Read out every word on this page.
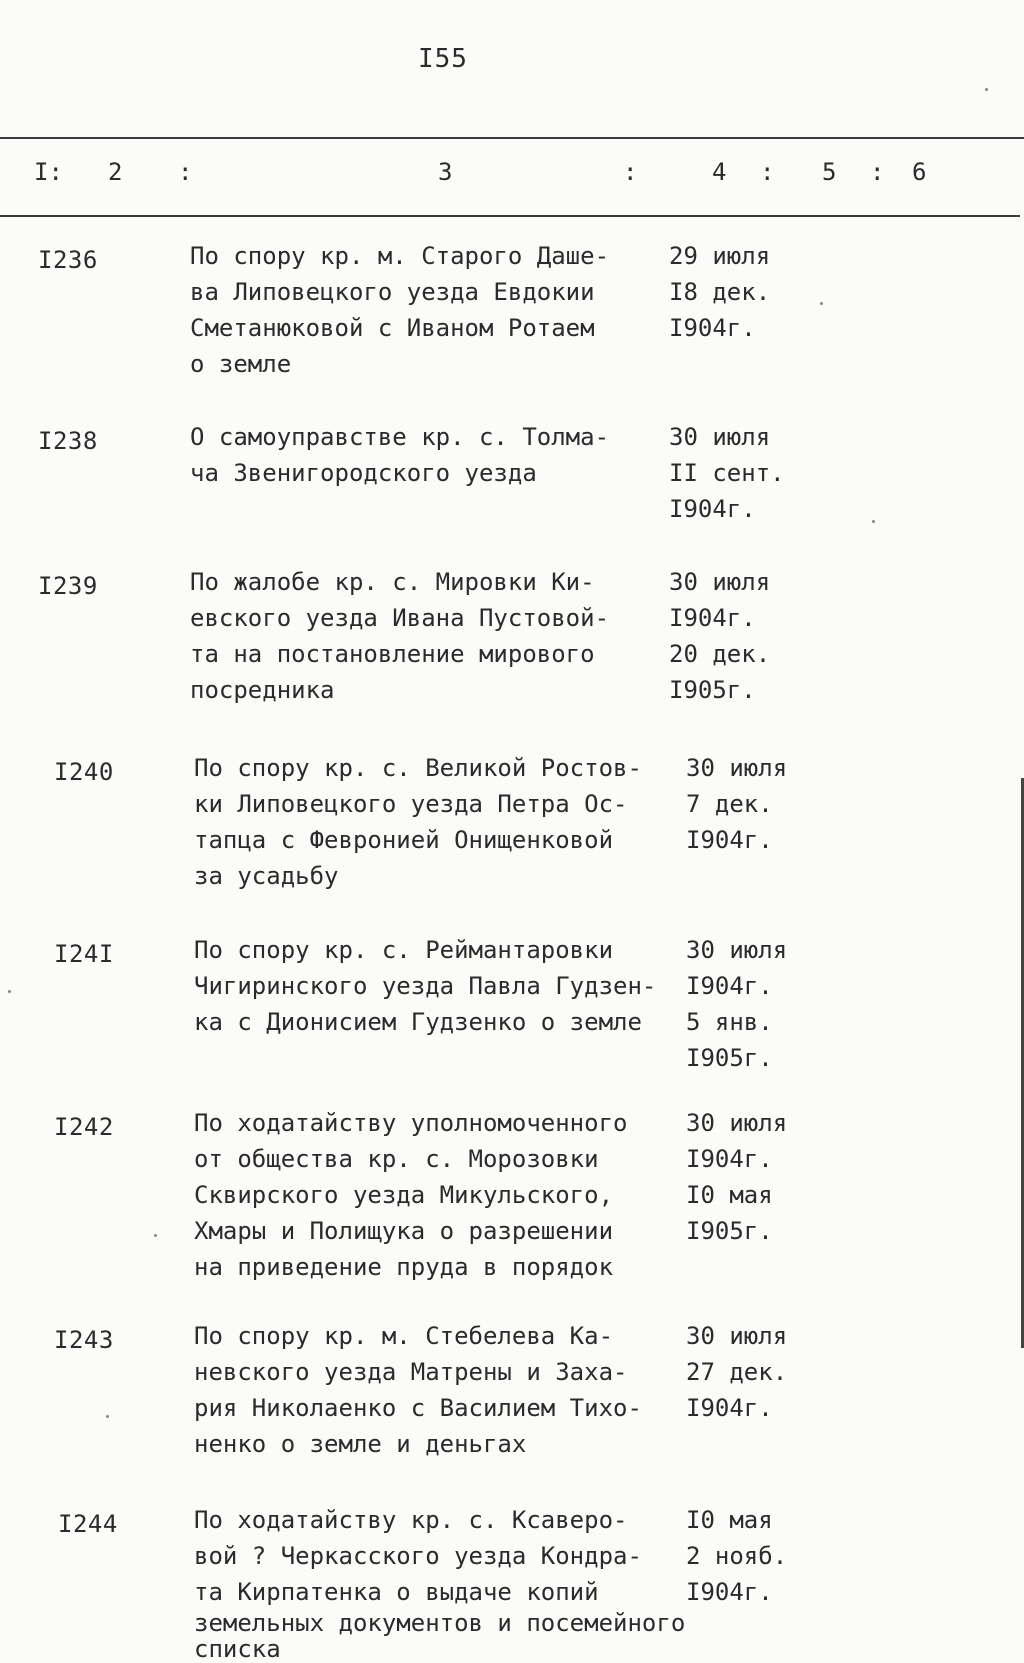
I55
I: 2 :	3	:	4 : 5 : 6
I236	По спору кр. м. Старого Даше-
ва Липовецкого уезда Евдокии
Сметанюковой с Иваном Ротаем
о земле
29 июля
I8 дек.
I904г.
I238	О самоуправстве кр. с. Толма-
ча Звенигородского уезда
30 июля
II сент.
I904г.
I239	По жалобе кр. с. Мировки Ки-
евского уезда Ивана Пустовой-
та на постановление мирового
посредника
30 июля
I904г.
20 дек.
I905г.
I240	По спору кр. с. Великой Ростов-
ки Липовецкого уезда Петра Ос-
тапца с Февронией Онищенковой
за усадьбу
30 июля
7 дек.
I904г.
I24I	По спору кр. с. Реймантаровки
Чигиринского уезда Павла Гудзен-
ка с Дионисием Гудзенко о земле
30 июля
I904г.
5 янв.
I905г.
I242	По ходатайству уполномоченного
от общества кр. с. Морозовки
Сквирского уезда Микульского,
Хмары и Полищука о разрешении
на приведение пруда в порядок
30 июля
I904г.
I0 мая
I905г.
I243	По спору кр. м. Стебелева Ка-
невского уезда Матрены и Заха-
рия Николаенко с Василием Тихо-
ненко о земле и деньгах
30 июля
27 дек.
I904г.
I244	По ходатайству кр. с. Ксаверо-
вой ? Черкасского уезда Кондра-
та Кирпатенка о выдаче копий
земельных документов и посемейного
списка
I0 мая
2 нояб.
I904г.
